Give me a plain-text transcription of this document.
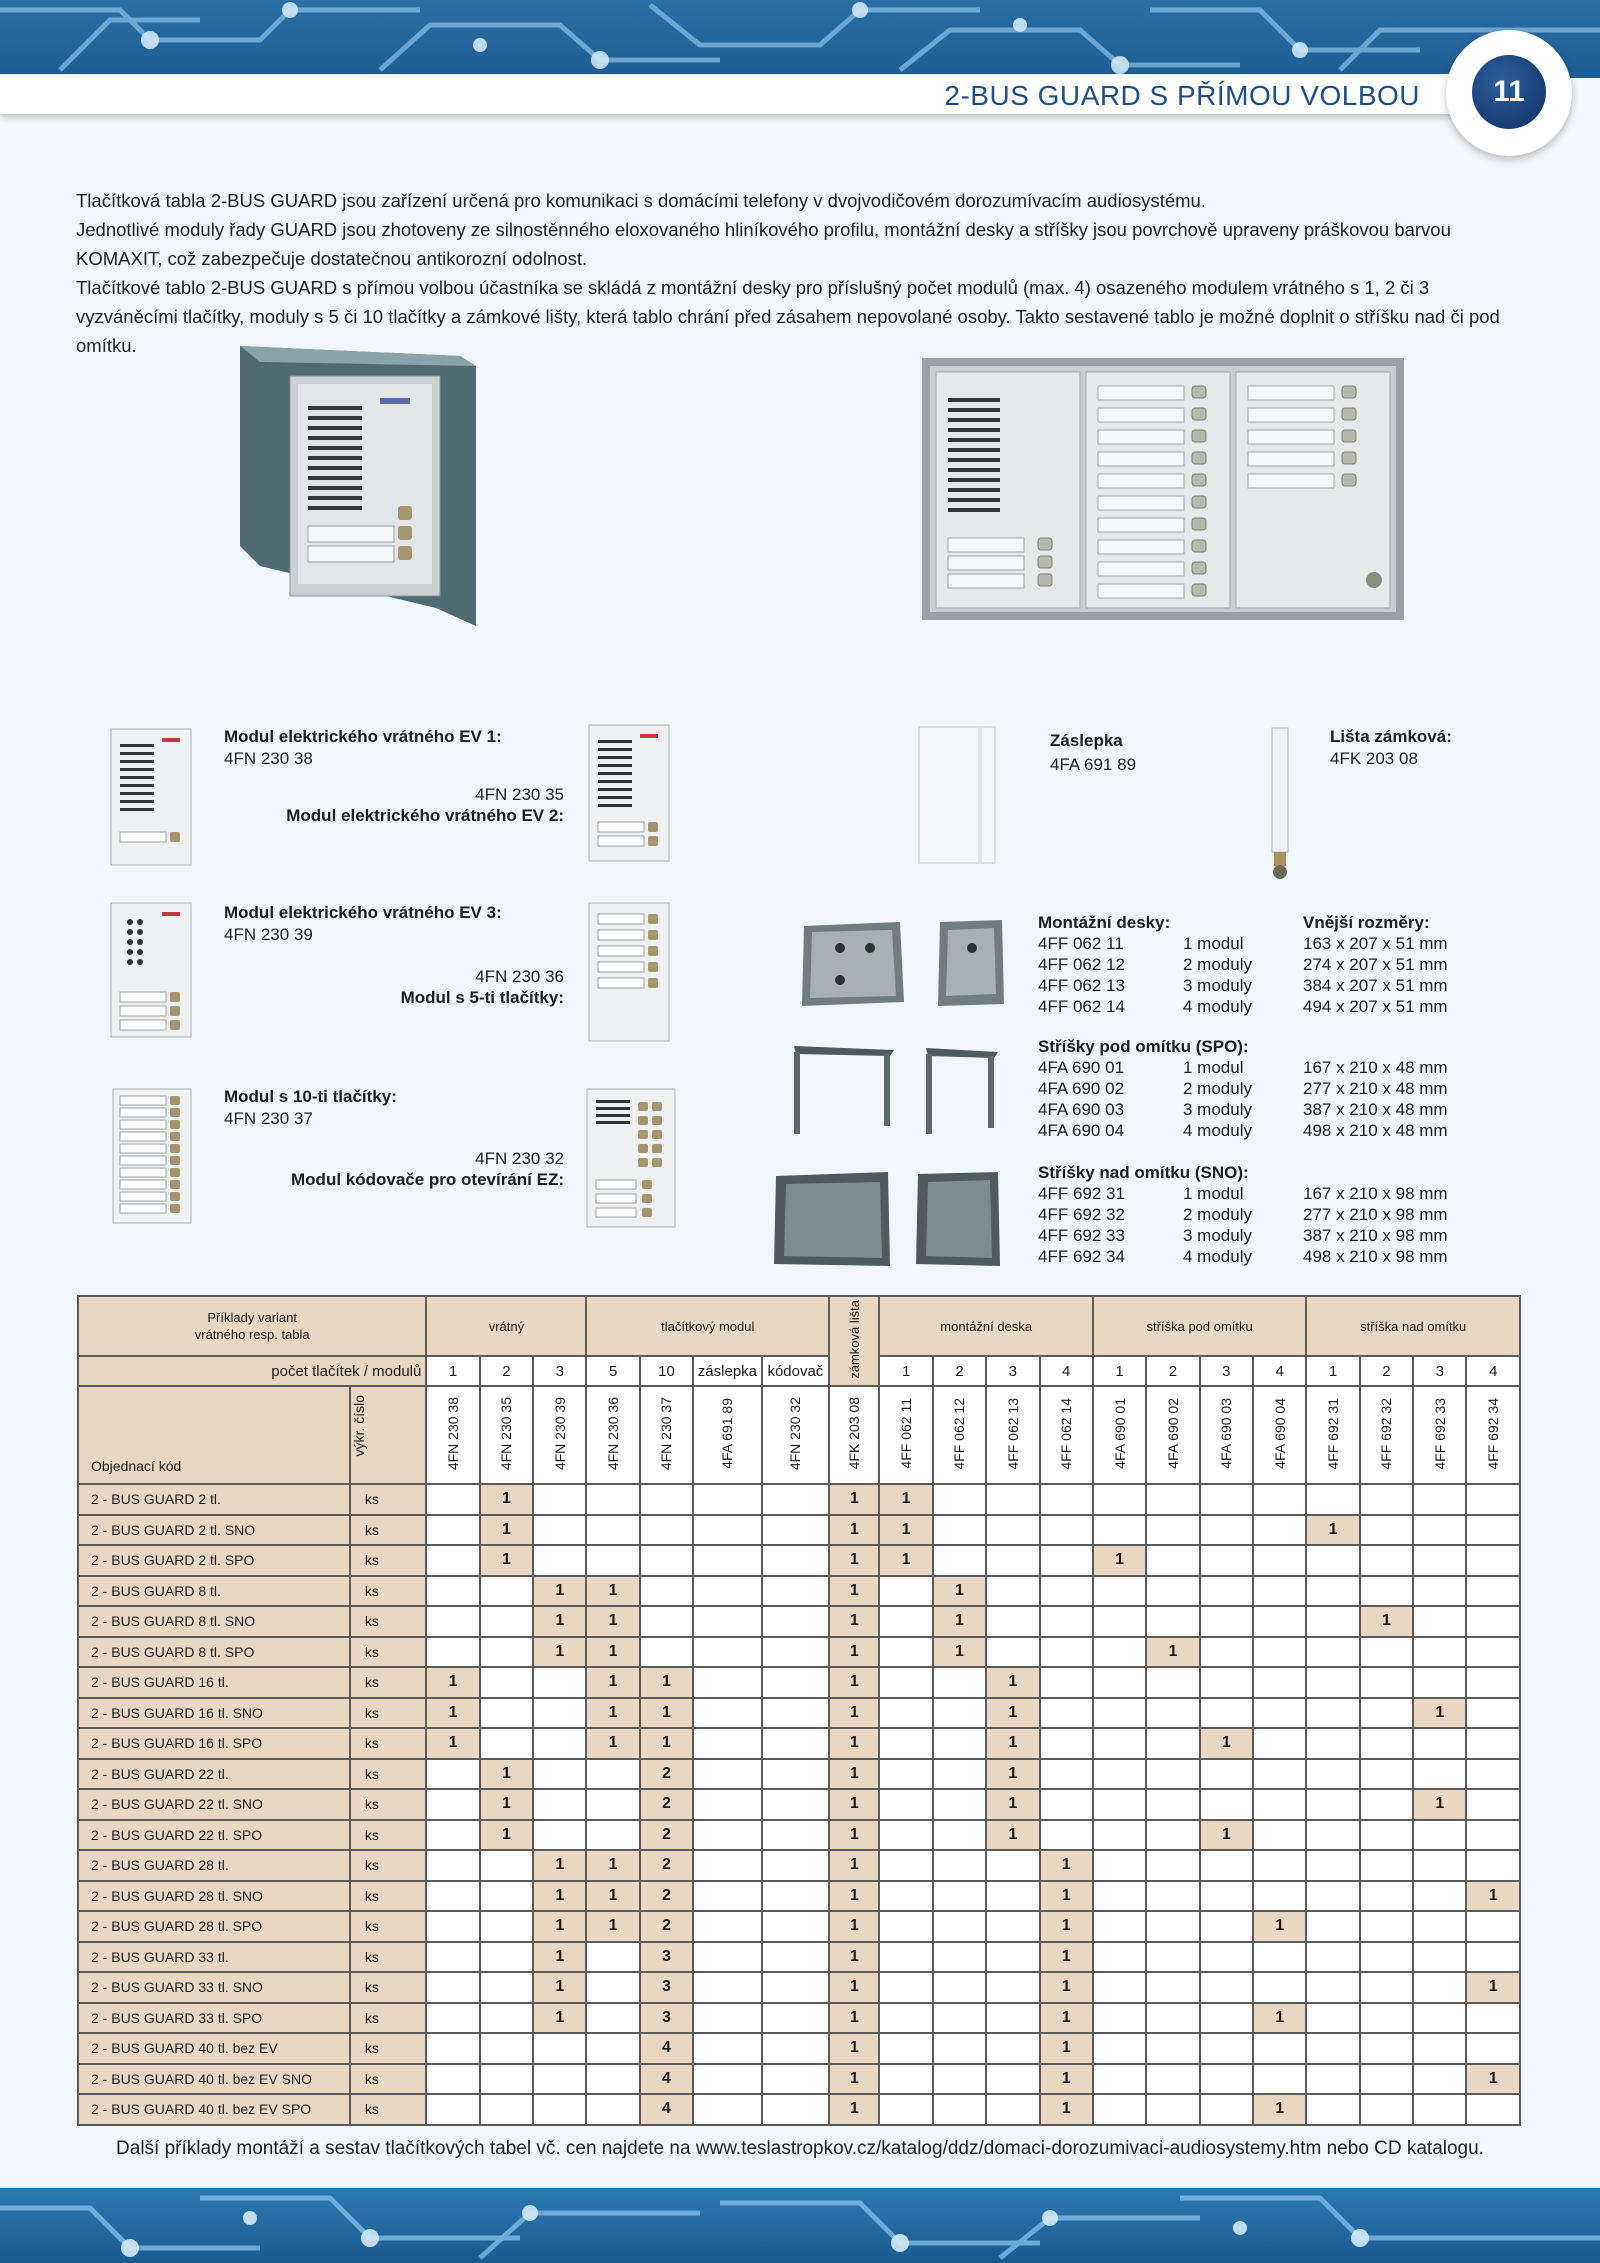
2-BUS GUARD S PŘÍMOU VOLBOU	11
Tlačítková tabla 2-BUS GUARD jsou zařízení určená pro komunikaci s domácími telefony v dvojvodičovém dorozumívacím audiosystému.
Jednotlivé moduly řady GUARD jsou zhotoveny ze silnostěnného eloxovaného hliníkového profilu, montážní desky a stříšky jsou povrchově upraveny práškovou barvou KOMAXIT, což zabezpečuje dostatečnou antikorozní odolnost.
Tlačítkové tablo 2-BUS GUARD s přímou volbou účastníka se skládá z montážní desky pro příslušný počet modulů (max. 4) osazeného modulem vrátného s 1, 2 či 3 vyzváněcími tlačítky, moduly s 5 či 10 tlačítky a zámkové lišty, která tablo chrání před zásahem nepovolané osoby. Takto sestavené tablo je možné doplnit o stříšku nad či pod omítku.
Modul elektrického vrátného EV 1:
4FN 230 38
4FN 230 35
Modul elektrického vrátného EV 2:
Záslepka
4FA 691 89
Lišta zámková:
4FK 203 08
Modul elektrického vrátného EV 3:
4FN 230 39
4FN 230 36
Modul s 5-ti tlačítky:
Modul s 10-ti tlačítky:
4FN 230 37
4FN 230 32
Modul kódovače pro otevírání EZ:
Montážní desky:	Vnější rozměry:
4FF 062 11	1 modul	163 x 207 x 51 mm
4FF 062 12	2 moduly	274 x 207 x 51 mm
4FF 062 13	3 moduly	384 x 207 x 51 mm
4FF 062 14	4 moduly	494 x 207 x 51 mm
Stříšky pod omítku (SPO):
4FA 690 01	1 modul	167 x 210 x 48 mm
4FA 690 02	2 moduly	277 x 210 x 48 mm
4FA 690 03	3 moduly	387 x 210 x 48 mm
4FA 690 04	4 moduly	498 x 210 x 48 mm
Stříšky nad omítku (SNO):
4FF 692 31	1 modul	167 x 210 x 98 mm
4FF 692 32	2 moduly	277 x 210 x 98 mm
4FF 692 33	3 moduly	387 x 210 x 98 mm
4FF 692 34	4 moduly	498 x 210 x 98 mm
Příklady variant
vrátného resp. tabla		vrátný			tlačítkový modul				zámková lišta	montážní deska				stříška pod omítku				stříška nad omítku			
počet tlačítek / modulů		1	2	3	5	10	záslepka	kódovač		1	2	3	4	1	2	3	4	1	2	3	4
Objednací kód	výkr. číslo	4FN 230 38	4FN 230 35	4FN 230 39	4FN 230 36	4FN 230 37	4FA 691 89	4FN 230 32	4FK 203 08	4FF 062 11	4FF 062 12	4FF 062 13	4FF 062 14	4FA 690 01	4FA 690 02	4FA 690 03	4FA 690 04	4FF 692 31	4FF 692 32	4FF 692 33	4FF 692 34
2 - BUS GUARD 2 tl.	ks		1						1	1											
2 - BUS GUARD 2 tl. SNO	ks		1						1	1								1			
2 - BUS GUARD 2 tl. SPO	ks		1						1	1				1							
2 - BUS GUARD 8 tl.	ks			1	1				1		1										
2 - BUS GUARD 8 tl. SNO	ks			1	1				1		1								1		
2 - BUS GUARD 8 tl. SPO	ks			1	1				1		1				1						
2 - BUS GUARD 16 tl.	ks	1			1	1			1			1									
2 - BUS GUARD 16 tl. SNO	ks	1			1	1			1			1								1	
2 - BUS GUARD 16 tl. SPO	ks	1			1	1			1			1				1					
2 - BUS GUARD 22 tl.	ks		1			2			1			1									
2 - BUS GUARD 22 tl. SNO	ks		1			2			1			1								1	
2 - BUS GUARD 22 tl. SPO	ks		1			2			1			1				1					
2 - BUS GUARD 28 tl.	ks			1	1	2			1				1								
2 - BUS GUARD 28 tl. SNO	ks			1	1	2			1				1								1
2 - BUS GUARD 28 tl. SPO	ks			1	1	2			1				1				1				
2 - BUS GUARD 33 tl.	ks			1		3			1				1								
2 - BUS GUARD 33 tl. SNO	ks			1		3			1				1								1
2 - BUS GUARD 33 tl. SPO	ks			1		3			1				1				1				
2 - BUS GUARD 40 tl. bez EV	ks					4			1				1								
2 - BUS GUARD 40 tl. bez EV SNO	ks					4			1				1								1
2 - BUS GUARD 40 tl. bez EV SPO	ks					4			1				1				1				
Další příklady montáží a sestav tlačítkových tabel vč. cen najdete na www.teslastropkov.cz/katalog/ddz/domaci-dorozumivaci-audiosystemy.htm nebo CD katalogu.
